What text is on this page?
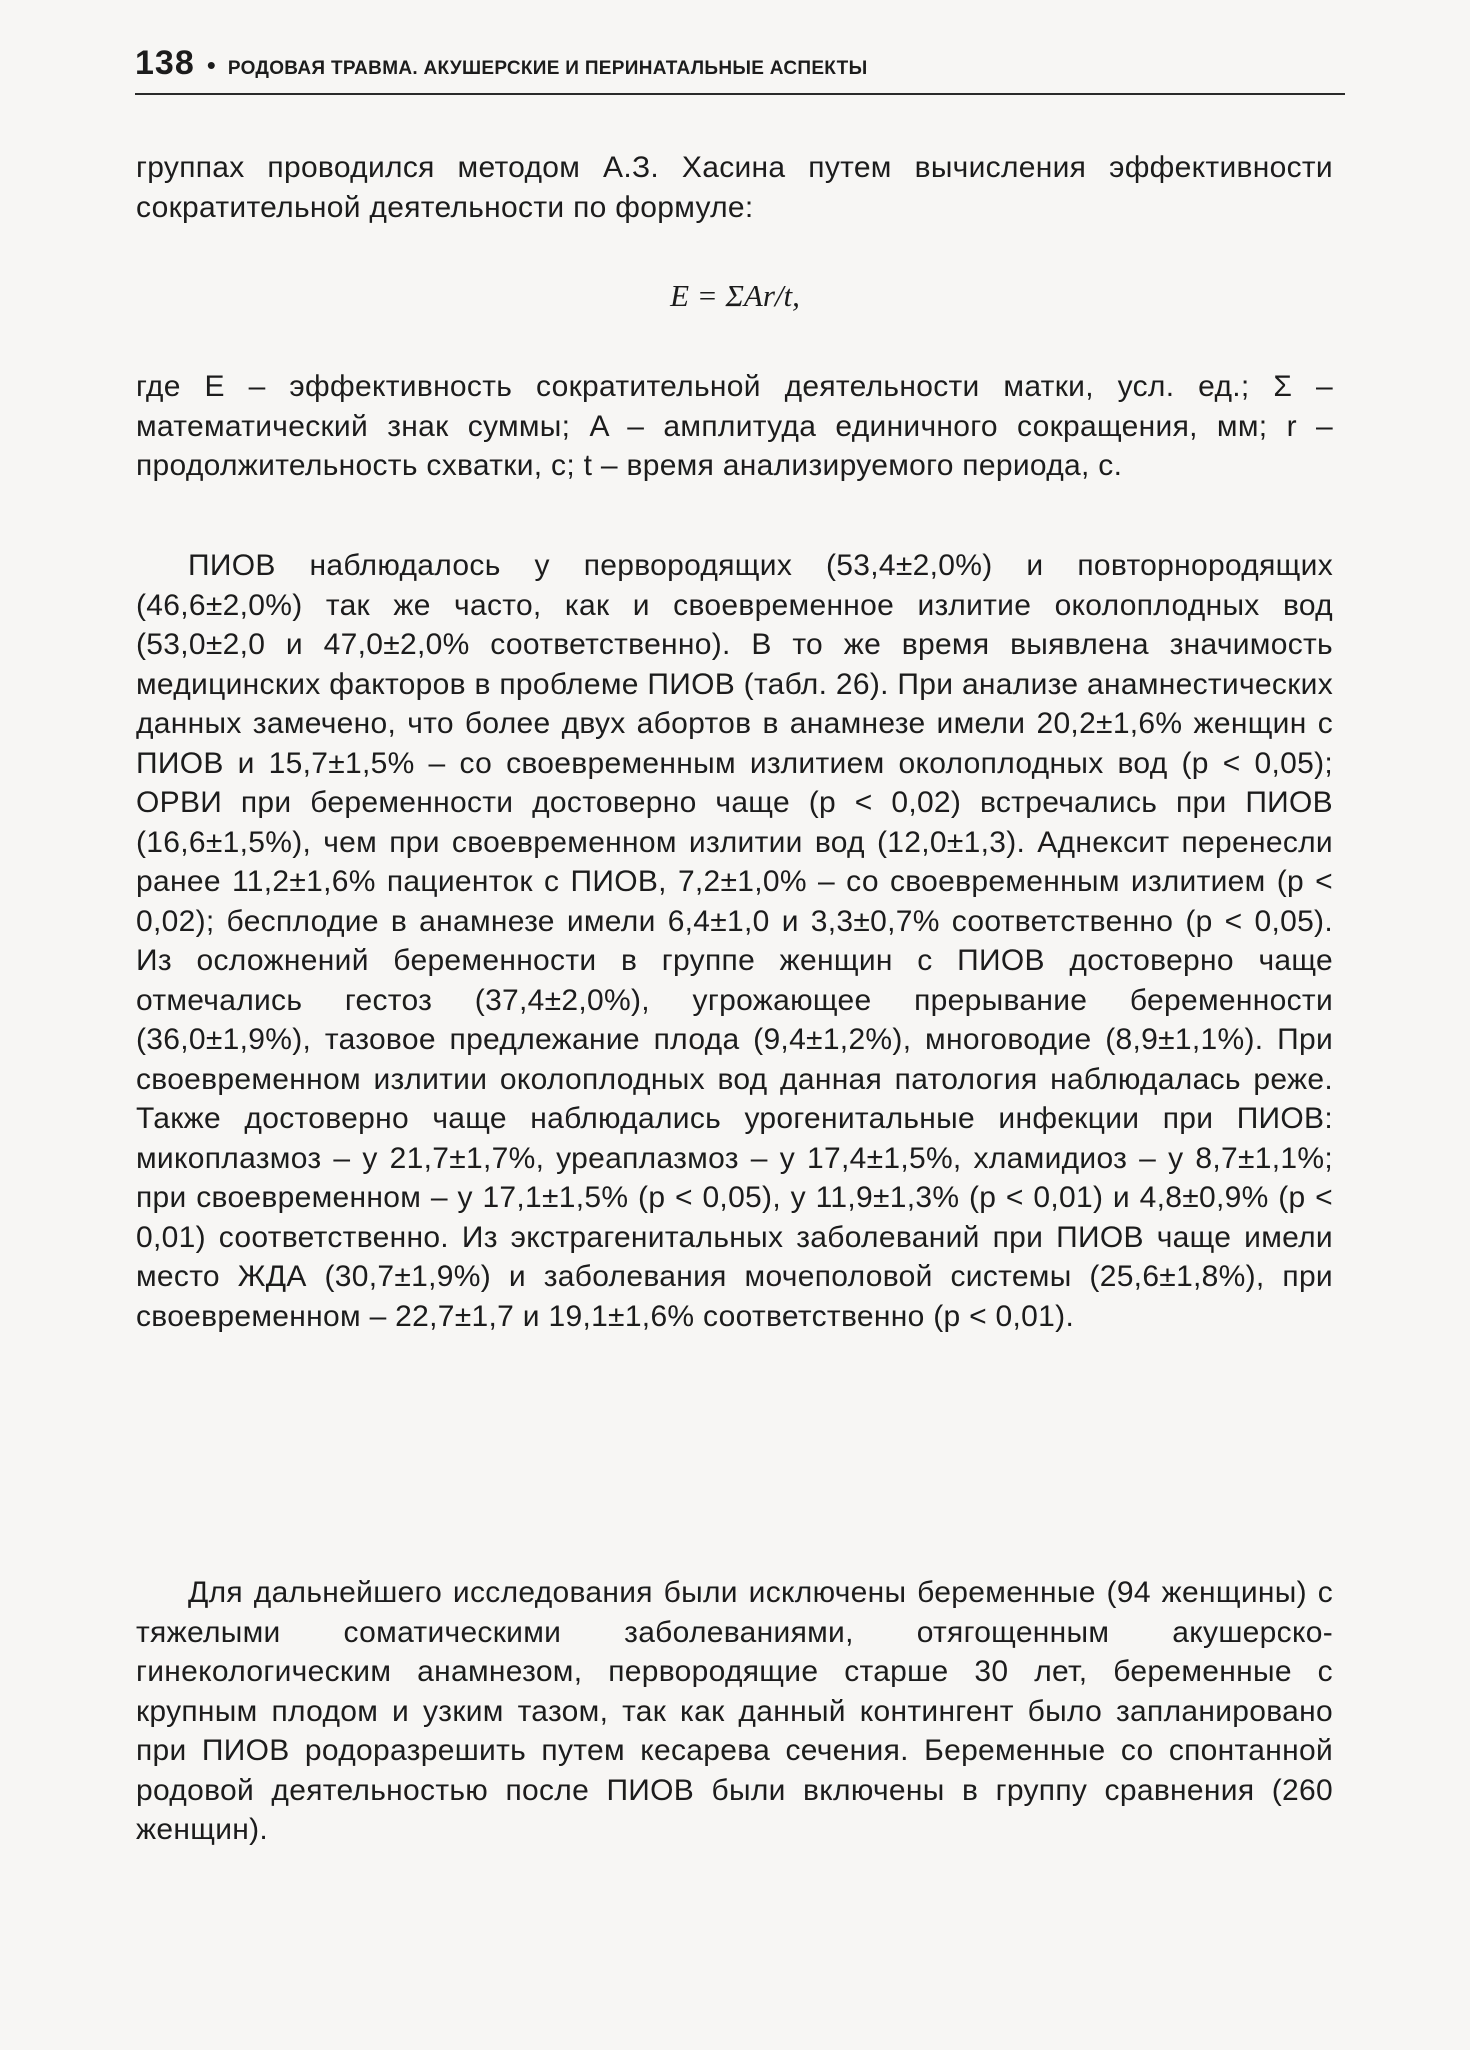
138 • РОДОВАЯ ТРАВМА. АКУШЕРСКИЕ И ПЕРИНАТАЛЬНЫЕ АСПЕКТЫ
группах проводился методом А.З. Хасина путем вычисления эффективности сократительной деятельности по формуле:
E = ΣAr/t,
где E – эффективность сократительной деятельности матки, усл. ед.; Σ – математический знак суммы; A – амплитуда единичного сокращения, мм; r – продолжительность схватки, с; t – время анализируемого периода, с.
ПИОВ наблюдалось у первородящих (53,4±2,0%) и повторнородящих (46,6±2,0%) так же часто, как и своевременное излитие околоплодных вод (53,0±2,0 и 47,0±2,0% соответственно). В то же время выявлена значимость медицинских факторов в проблеме ПИОВ (табл. 26). При анализе анамнестических данных замечено, что более двух абортов в анамнезе имели 20,2±1,6% женщин с ПИОВ и 15,7±1,5% – со своевременным излитием околоплодных вод (p < 0,05); ОРВИ при беременности достоверно чаще (p < 0,02) встречались при ПИОВ (16,6±1,5%), чем при своевременном излитии вод (12,0±1,3). Аднексит перенесли ранее 11,2±1,6% пациенток с ПИОВ, 7,2±1,0% – со своевременным излитием (p < 0,02); бесплодие в анамнезе имели 6,4±1,0 и 3,3±0,7% соответственно (p < 0,05). Из осложнений беременности в группе женщин с ПИОВ достоверно чаще отмечались гестоз (37,4±2,0%), угрожающее прерывание беременности (36,0±1,9%), тазовое предлежание плода (9,4±1,2%), многоводие (8,9±1,1%). При своевременном излитии околоплодных вод данная патология наблюдалась реже. Также достоверно чаще наблюдались урогенитальные инфекции при ПИОВ: микоплазмоз – у 21,7±1,7%, уреаплазмоз – у 17,4±1,5%, хламидиоз – у 8,7±1,1%; при своевременном – у 17,1±1,5% (p < 0,05), у 11,9±1,3% (p < 0,01) и 4,8±0,9% (p < 0,01) соответственно. Из экстрагенитальных заболеваний при ПИОВ чаще имели место ЖДА (30,7±1,9%) и заболевания мочеполовой системы (25,6±1,8%), при своевременном – 22,7±1,7 и 19,1±1,6% соответственно (p < 0,01).
Для дальнейшего исследования были исключены беременные (94 женщины) с тяжелыми соматическими заболеваниями, отягощенным акушерско-гинекологическим анамнезом, первородящие старше 30 лет, беременные с крупным плодом и узким тазом, так как данный контингент было запланировано при ПИОВ родоразрешить путем кесарева сечения. Беременные со спонтанной родовой деятельностью после ПИОВ были включены в группу сравнения (260 женщин).
